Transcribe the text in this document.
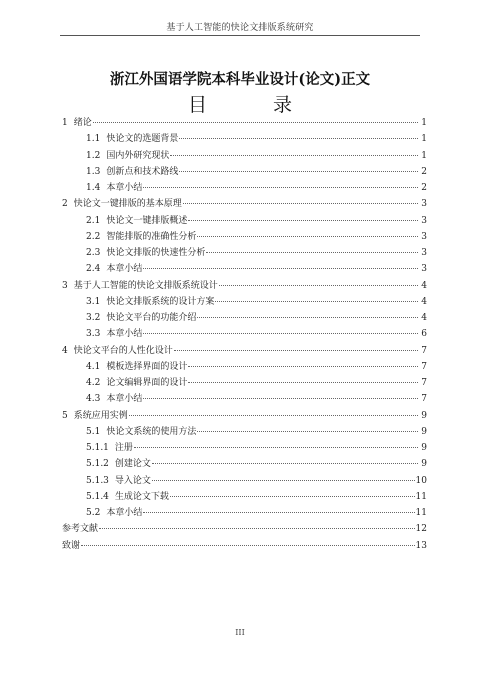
基于人工智能的快论文排版系统研究
浙江外国语学院本科毕业设计(论文)正文
目 录
1 绪论	1
1.1 快论文的选题背景	1
1.2 国内外研究现状	1
1.3 创新点和技术路线	2
1.4 本章小结	2
2 快论文一键排版的基本原理	3
2.1 快论文一键排版概述	3
2.2 智能排版的准确性分析	3
2.3 快论文排版的快速性分析	3
2.4 本章小结	3
3 基于人工智能的快论文排版系统设计	4
3.1 快论文排版系统的设计方案	4
3.2 快论文平台的功能介绍	4
3.3 本章小结	6
4 快论文平台的人性化设计	7
4.1 模板选择界面的设计	7
4.2 论文编辑界面的设计	7
4.3 本章小结	7
5 系统应用实例	9
5.1 快论文系统的使用方法	9
5.1.1 注册	9
5.1.2 创建论文	9
5.1.3 导入论文	10
5.1.4 生成论文下载	11
5.2 本章小结	11
参考文献	12
致谢	13
III
